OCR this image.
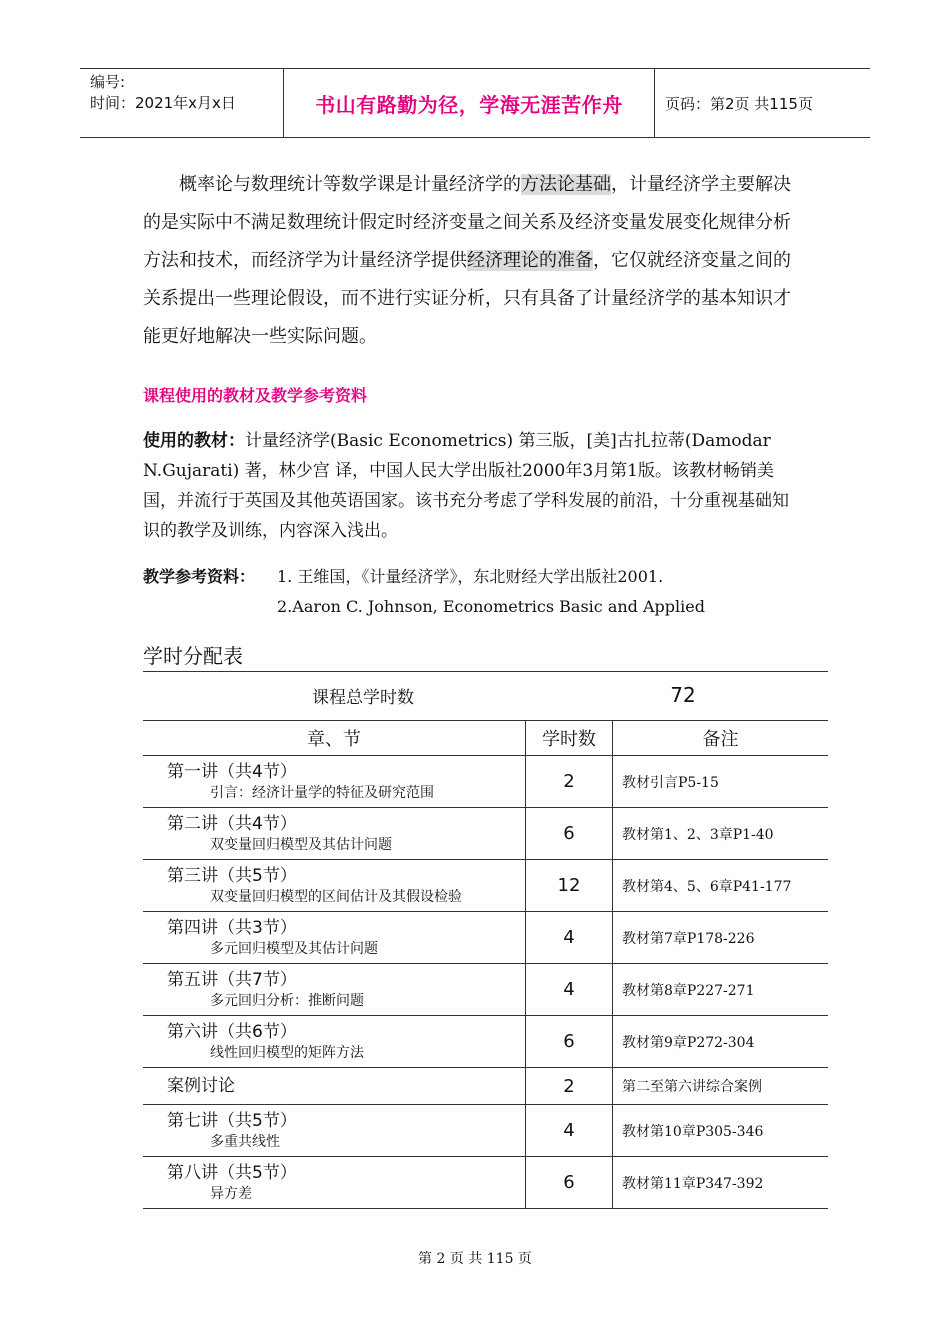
编号:
时间：2021年x月x日	书山有路勤为径，学海无涯苦作舟	页码：第2页 共115页

概率论与数理统计等数学课是计量经济学的方法论基础，计量经济学主要解决的是实际中不满足数理统计假定时经济变量之间关系及经济变量发展变化规律分析方法和技术，而经济学为计量经济学提供经济理论的准备，它仅就经济变量之间的关系提出一些理论假设，而不进行实证分析，只有具备了计量经济学的基本知识才能更好地解决一些实际问题。

课程使用的教材及教学参考资料

使用的教材：计量经济学(Basic Econometrics) 第三版，[美]古扎拉蒂(Damodar N.Gujarati) 著，林少宫 译，中国人民大学出版社2000年3月第1版。该教材畅销美国，并流行于英国及其他英语国家。该书充分考虑了学科发展的前沿，十分重视基础知识的教学及训练，内容深入浅出。

教学参考资料：	1. 王维国，《计量经济学》，东北财经大学出版社2001.
2.Aaron C. Johnson, Econometrics Basic and Applied
学时分配表
课程总学时数	72
章、节	学时数	备注

第一讲（共4节）
引言：经济计量学的特征及研究范围	2	教材引言P5-15

第二讲（共4节）
双变量回归模型及其估计问题	6	教材第1、2、3章P1-40

第三讲（共5节）
双变量回归模型的区间估计及其假设检验	12	教材第4、5、6章P41-177

第四讲（共3节）
多元回归模型及其估计问题	4	教材第7章P178-226

第五讲（共7节）
多元回归分析：推断问题	4	教材第8章P227-271

第六讲（共6节）
线性回归模型的矩阵方法	6	教材第9章P272-304

案例讨论	2	第二至第六讲综合案例

第七讲（共5节）
多重共线性	4	教材第10章P305-346

第八讲（共5节）
异方差	6	教材第11章P347-392
第 2 页 共 115 页
